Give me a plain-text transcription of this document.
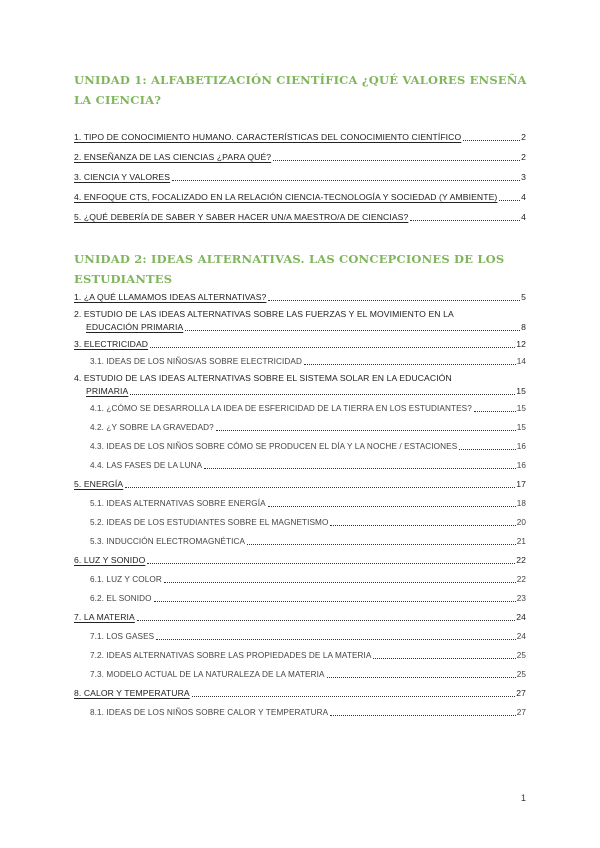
UNIDAD 1: ALFABETIZACIÓN CIENTÍFICA ¿QUÉ VALORES ENSEÑA LA CIENCIA?
1. TIPO DE CONOCIMIENTO HUMANO. CARACTERÍSTICAS DEL CONOCIMIENTO CIENTÍFICO	2
2. ENSEÑANZA DE LAS CIENCIAS ¿PARA QUÉ?	2
3. CIENCIA Y VALORES	3
4. ENFOQUE CTS, FOCALIZADO EN LA RELACIÓN CIENCIA-TECNOLOGÍA Y SOCIEDAD (Y AMBIENTE)	4
5. ¿QUÉ DEBERÍA DE SABER Y SABER HACER UN/A MAESTRO/A DE CIENCIAS?	4
UNIDAD 2: IDEAS ALTERNATIVAS. LAS CONCEPCIONES DE LOS ESTUDIANTES
1. ¿A QUÉ LLAMAMOS IDEAS ALTERNATIVAS?	5
2. ESTUDIO DE LAS IDEAS ALTERNATIVAS SOBRE LAS FUERZAS Y EL MOVIMIENTO EN LA
EDUCACIÓN PRIMARIA	8
3. ELECTRICIDAD	12
3.1. IDEAS DE LOS NIÑOS/AS SOBRE ELECTRICIDAD	14
4. ESTUDIO DE LAS IDEAS ALTERNATIVAS SOBRE EL SISTEMA SOLAR EN LA EDUCACIÓN
PRIMARIA	15
4.1. ¿CÓMO SE DESARROLLA LA IDEA DE ESFERICIDAD DE LA TIERRA EN LOS ESTUDIANTES?	15
4.2. ¿Y SOBRE LA GRAVEDAD?	15
4.3. IDEAS DE LOS NIÑOS SOBRE CÓMO SE PRODUCEN EL DÍA Y LA NOCHE / ESTACIONES	16
4.4. LAS FASES DE LA LUNA	16
5. ENERGÍA	17
5.1. IDEAS ALTERNATIVAS SOBRE ENERGÍA	18
5.2. IDEAS DE LOS ESTUDIANTES SOBRE EL MAGNETISMO	20
5.3. INDUCCIÓN ELECTROMAGNÉTICA	21
6. LUZ Y SONIDO	22
6.1. LUZ Y COLOR	22
6.2. EL SONIDO	23
7. LA MATERIA	24
7.1. LOS GASES	24
7.2. IDEAS ALTERNATIVAS SOBRE LAS PROPIEDADES DE LA MATERIA	25
7.3. MODELO ACTUAL DE LA NATURALEZA DE LA MATERIA	25
8. CALOR Y TEMPERATURA	27
8.1. IDEAS DE LOS NIÑOS SOBRE CALOR Y TEMPERATURA	27
1
